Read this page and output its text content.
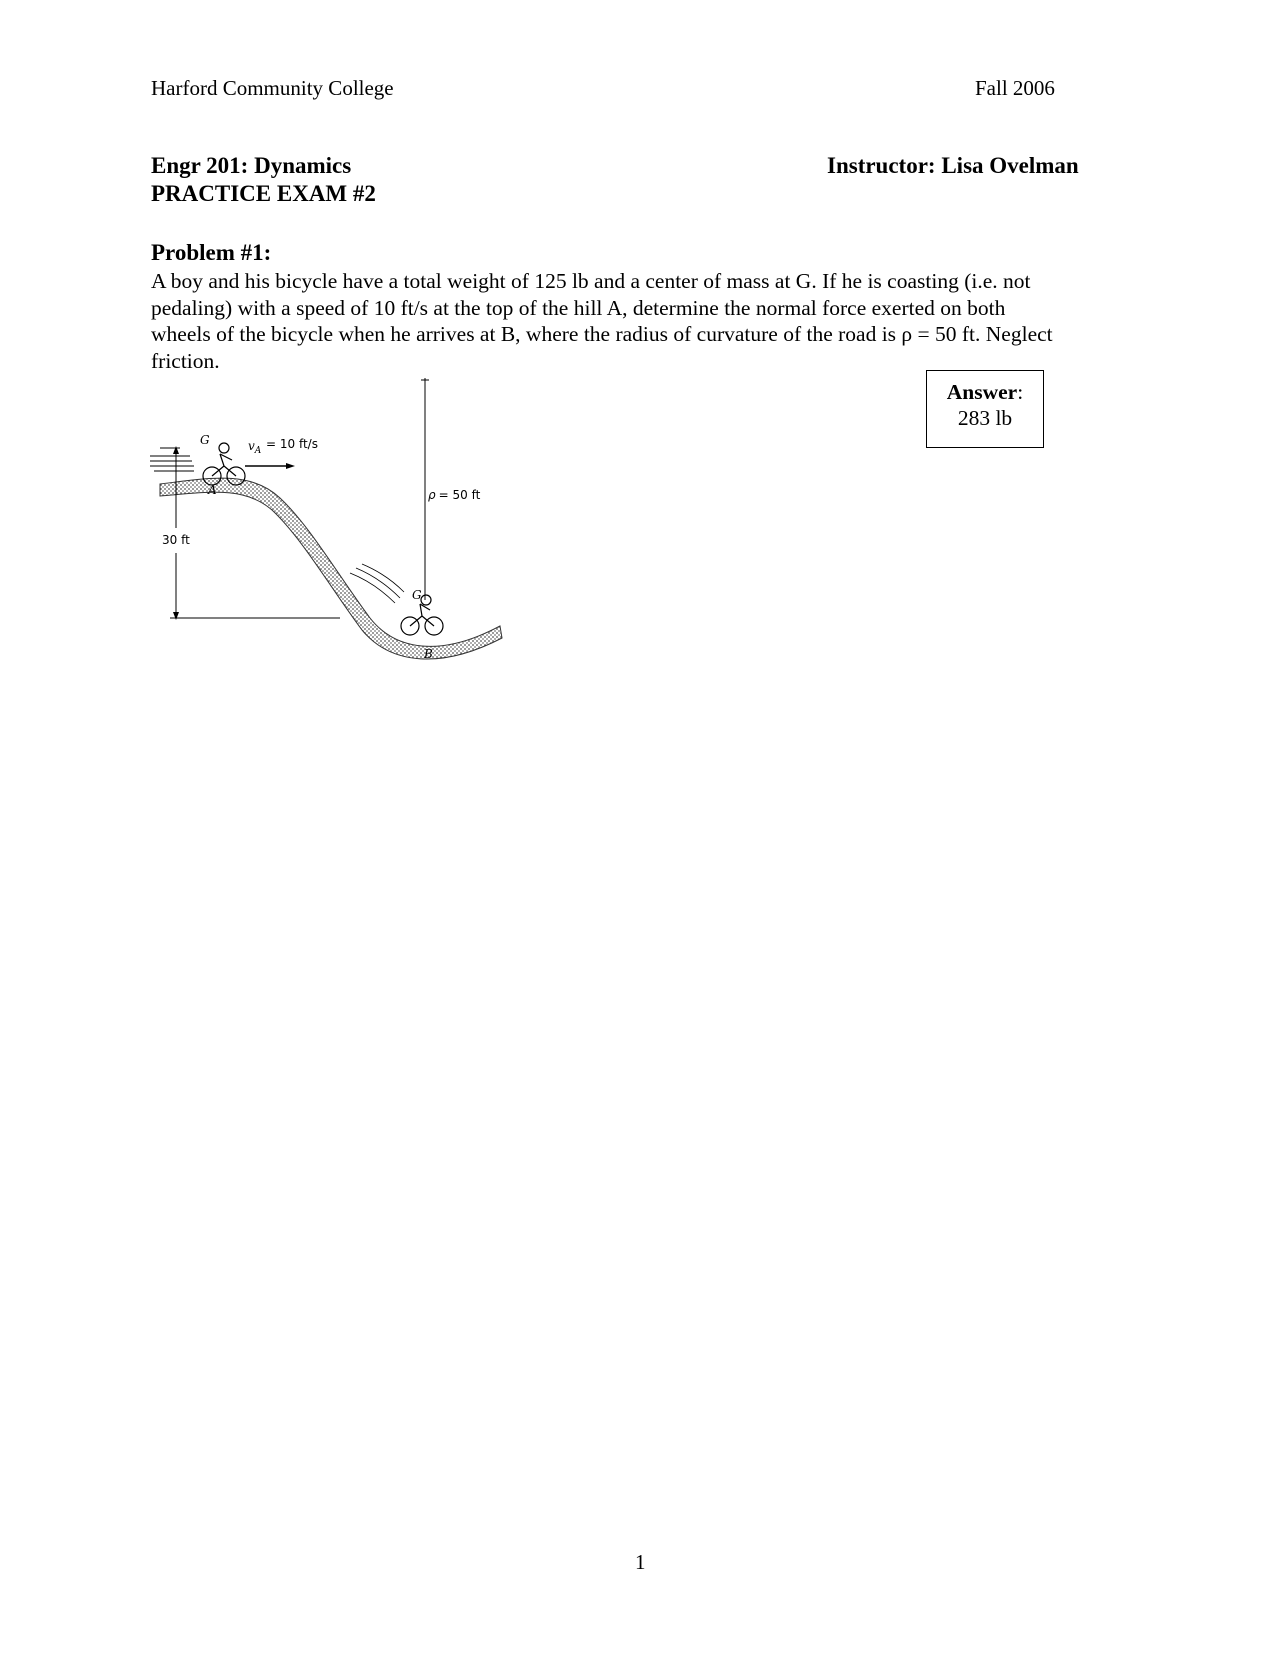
Harford Community College	Fall 2006
Engr 201: Dynamics
PRACTICE EXAM #2
Instructor: Lisa Ovelman
Problem #1:
A boy and his bicycle have a total weight of 125 lb and a center of mass at G. If he is coasting (i.e. not
pedaling) with a speed of 10 ft/s at the top of the hill A, determine the normal force exerted on both
wheels of the bicycle when he arrives at B, where the radius of curvature of the road is ρ = 50 ft. Neglect
friction.
Answer:
283 lb
G	$v_A = 10$ ft/s
A
30 ft
ρ = 50 ft
G
B
1
